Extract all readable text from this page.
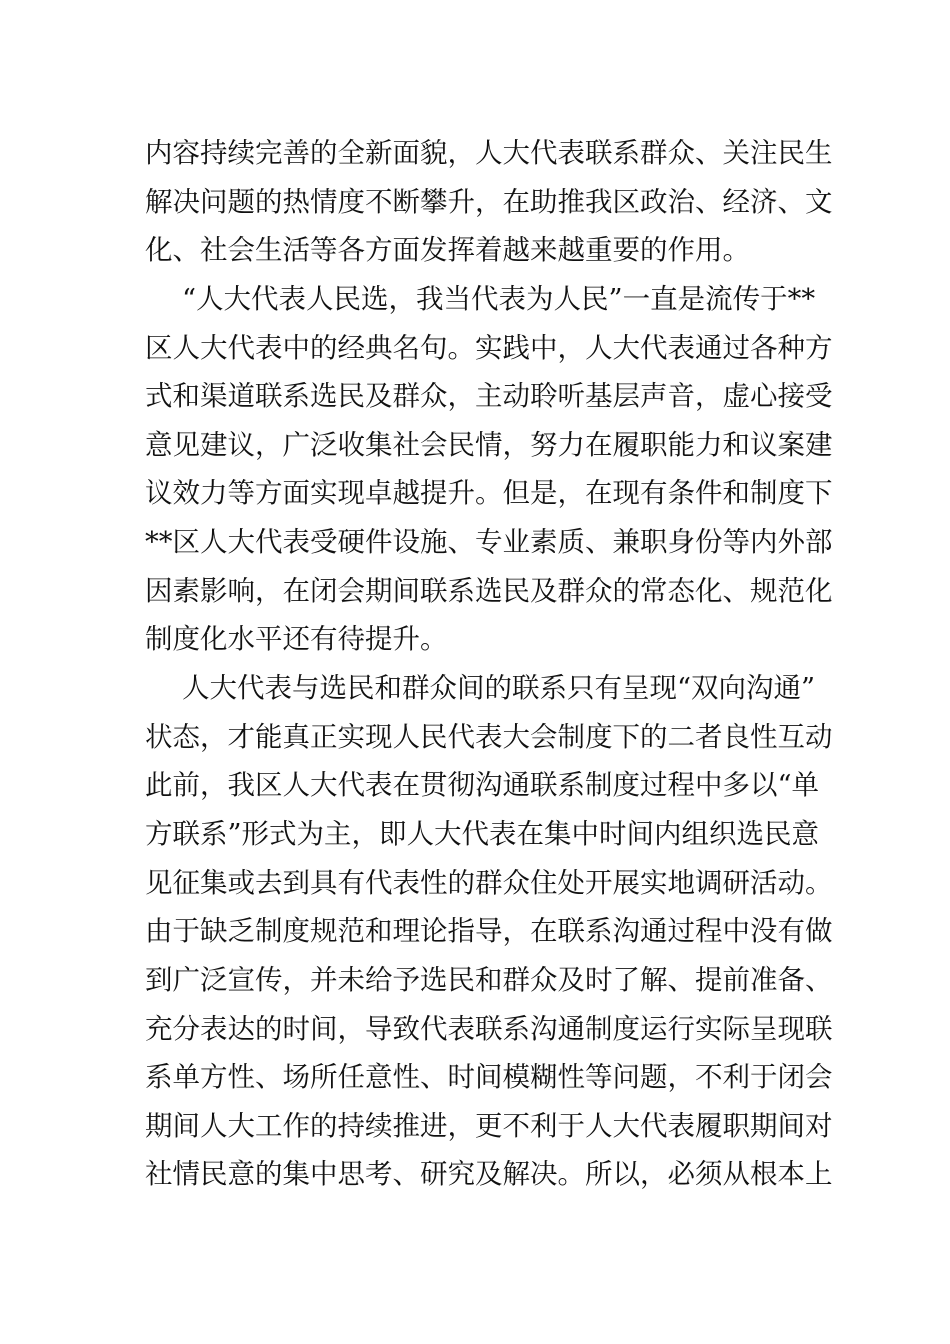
内容持续完善的全新面貌，人大代表联系群众、关注民生
解决问题的热情度不断攀升，在助推我区政治、经济、文
化、社会生活等各方面发挥着越来越重要的作用。
“人大代表人民选，我当代表为人民”一直是流传于**
区人大代表中的经典名句。实践中，人大代表通过各种方
式和渠道联系选民及群众，主动聆听基层声音，虚心接受
意见建议，广泛收集社会民情，努力在履职能力和议案建
议效力等方面实现卓越提升。但是，在现有条件和制度下
**区人大代表受硬件设施、专业素质、兼职身份等内外部
因素影响，在闭会期间联系选民及群众的常态化、规范化
制度化水平还有待提升。
人大代表与选民和群众间的联系只有呈现“双向沟通”
状态，才能真正实现人民代表大会制度下的二者良性互动
此前，我区人大代表在贯彻沟通联系制度过程中多以“单
方联系”形式为主，即人大代表在集中时间内组织选民意
见征集或去到具有代表性的群众住处开展实地调研活动。
由于缺乏制度规范和理论指导，在联系沟通过程中没有做
到广泛宣传，并未给予选民和群众及时了解、提前准备、
充分表达的时间，导致代表联系沟通制度运行实际呈现联
系单方性、场所任意性、时间模糊性等问题，不利于闭会
期间人大工作的持续推进，更不利于人大代表履职期间对
社情民意的集中思考、研究及解决。所以，必须从根本上
